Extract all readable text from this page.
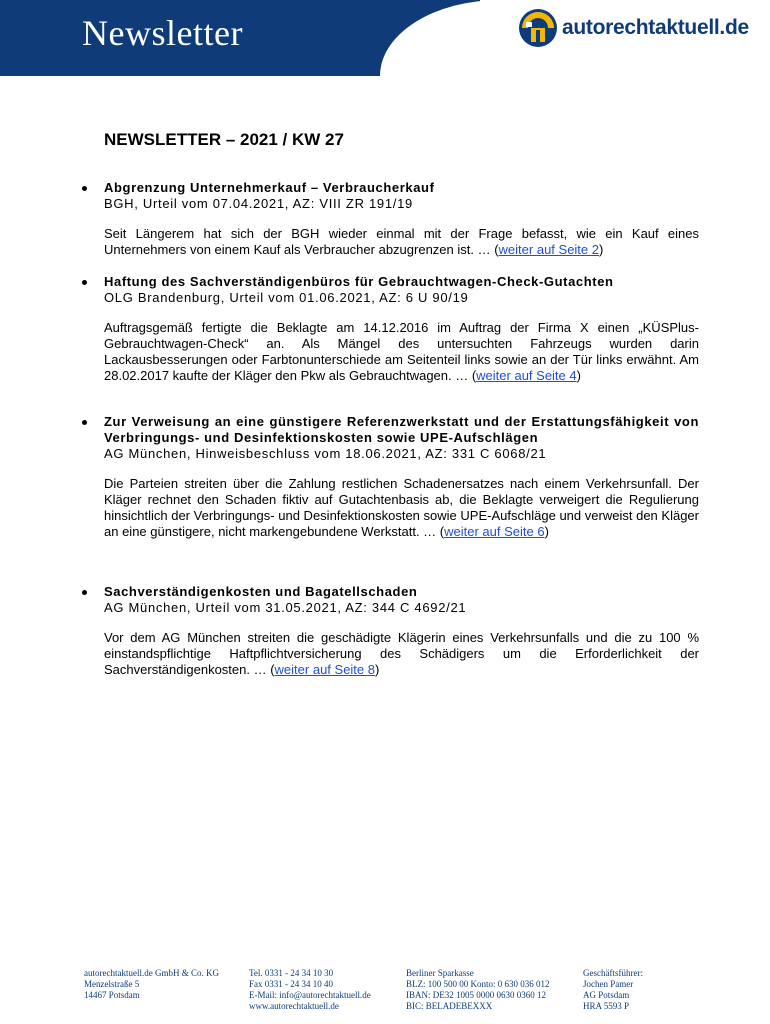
Newsletter	autorechtaktuell.de
NEWSLETTER – 2021 / KW 27
Abgrenzung Unternehmerkauf – Verbraucherkauf
BGH, Urteil vom 07.04.2021, AZ: VIII ZR 191/19
Seit Längerem hat sich der BGH wieder einmal mit der Frage befasst, wie ein Kauf eines Unternehmers von einem Kauf als Verbraucher abzugrenzen ist. … (weiter auf Seite 2)
Haftung des Sachverständigenbüros für Gebrauchtwagen-Check-Gutachten
OLG Brandenburg, Urteil vom 01.06.2021, AZ: 6 U 90/19
Auftragsgemäß fertigte die Beklagte am 14.12.2016 im Auftrag der Firma X einen „KÜSPlus-Gebrauchtwagen-Check“ an. Als Mängel des untersuchten Fahrzeugs wurden darin Lackausbesserungen oder Farbtonunterschiede am Seitenteil links sowie an der Tür links erwähnt. Am 28.02.2017 kaufte der Kläger den Pkw als Gebrauchtwagen. … (weiter auf Seite 4)
Zur Verweisung an eine günstigere Referenzwerkstatt und der Erstattungsfähigkeit von Verbringungs- und Desinfektionskosten sowie UPE-Aufschlägen
AG München, Hinweisbeschluss vom 18.06.2021, AZ: 331 C 6068/21
Die Parteien streiten über die Zahlung restlichen Schadenersatzes nach einem Verkehrsunfall. Der Kläger rechnet den Schaden fiktiv auf Gutachtenbasis ab, die Beklagte verweigert die Regulierung hinsichtlich der Verbringungs- und Desinfektionskosten sowie UPE-Aufschläge und verweist den Kläger an eine günstigere, nicht markengebundene Werkstatt. … (weiter auf Seite 6)
Sachverständigenkosten und Bagatellschaden
AG München, Urteil vom 31.05.2021, AZ: 344 C 4692/21
Vor dem AG München streiten die geschädigte Klägerin eines Verkehrsunfalls und die zu 100 % einstandspflichtige Haftpflichtversicherung des Schädigers um die Erforderlichkeit der Sachverständigenkosten. … (weiter auf Seite 8)
autorechtaktuell.de GmbH & Co. KG
Menzelstraße 5
14467 Potsdam
Tel. 0331 - 24 34 10 30
Fax 0331 - 24 34 10 40
E-Mail: info@autorechtaktuell.de
www.autorechtaktuell.de
Berliner Sparkasse
BLZ: 100 500 00 Konto: 0 630 036 012
IBAN: DE32 1005 0000 0630 0360 12
BIC: BELADEBEXXX
Geschäftsführer:
Jochen Pamer
AG Potsdam
HRA 5593 P
